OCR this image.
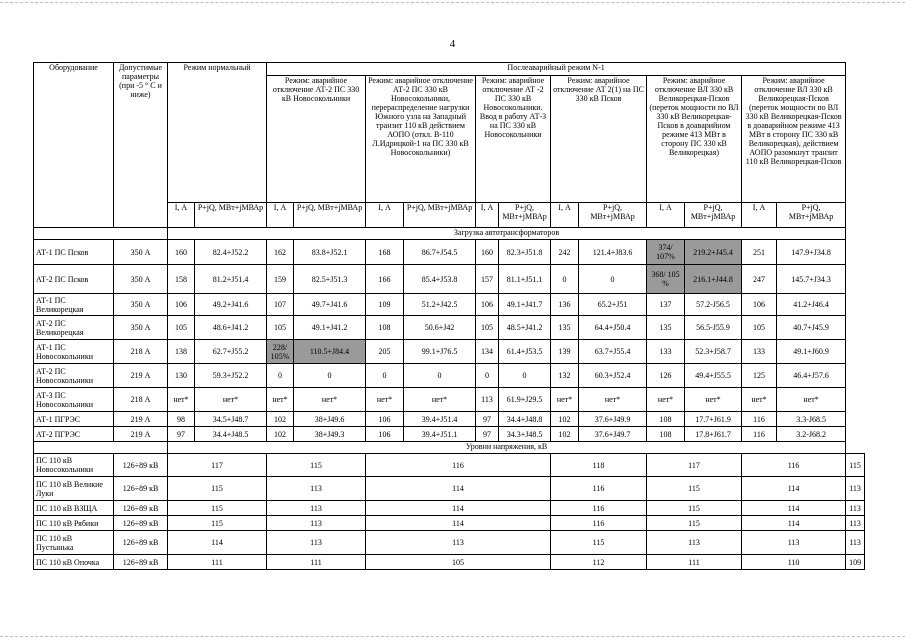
4
Оборудование	Допустимые параметры (при -5 ° С и ниже)	Режим нормальный		Послеаварийный режим N-1												
				Режим: аварийное отключение АТ-2 ПС 330 кВ Новосокольники		Режим: аварийное отключение АТ-2 ПС 330 кВ Новосокольники, перераспределение нагрузки Южного узла на Западный транзит 110 кВ действием АОПО (откл. В-110 Л.Идрицкой-1 на ПС 330 кВ Новосокольники)		Режим: аварийное отключение АТ -2 ПС 330 кВ Новосокольники. Ввод в работу АТ-3 на ПС 330 кВ Новосокольники		Режим: аварийное отключение АТ 2(1) на ПС 330 кВ Псков		Режим: аварийное отключение ВЛ 330 кВ Великорецкая-Псков (переток мощности по ВЛ 330 кВ Великорецкая-Псков в доаварийном режиме 413 МВт в сторону ПС 330 кВ Великорецкая)		Режим: аварийное отключение ВЛ 330 кВ Великорецкая-Псков (переток мощности по ВЛ 330 кВ Великорецкая-Псков в доаварийном режиме 413 МВт в сторону ПС 330 кВ Великорецкая), действием АОПО разомкнут транзит 110 кВ Великорецкая-Псков		
		I, А	P+jQ, МВт+jМВАр	I, А	P+jQ, МВт+jМВАр	I, А	P+jQ, МВт+jМВАр	I, А	P+jQ, МВт+jМВАр	I, А	P+jQ, МВт+jМВАр	I, А	P+jQ, МВт+jМВАр	I, А	P+jQ, МВт+jМВАр	
		Загрузка автотрансформаторов														
АТ-1 ПС Псков	350 А	160	82.4+J52.2	162	83.8+J52.1	168	86.7+J54.5	160	82.3+J51.8	242	121.4+J83.6	374/ 107%	219.2+J45.4	251	147.9+J34.8	
АТ-2 ПС Псков	350 А	158	81.2+J51.4	159	82.5+J51.3	166	85.4+J53.8	157	81.1+J51.1	0	0	368/ 105 %	216.1+J44.8	247	145.7+J34.3	
АТ-1 ПС Великорецкая	350 А	106	49.2+J41.6	107	49.7+J41.6	109	51.2+J42.5	106	49.1+J41.7	136	65.2+J51	137	57.2-J56.5	106	41.2+J46.4	
АТ-2 ПС Великорецкая	350 А	105	48.6+J41.2	105	49.1+J41.2	108	50.6+J42	105	48.5+J41.2	135	64.4+J50.4	135	56.5-J55.9	105	40.7+J45.9	
АТ-1 ПС Новосокольники	218 А	138	62.7+J55.2	228/ 105%	110.5+J84.4	205	99.1+J76.5	134	61.4+J53.5	139	63.7+J55.4	133	52.3+J58.7	133	49.1+J60.9	
АТ-2 ПС Новосокольники	219 А	130	59.3+J52.2	0	0	0	0	0	0	132	60.3+J52.4	126	49.4+J55.5	125	46.4+J57.6	
АТ-3 ПС Новосокольники	218 А	нет*	нет*	нет*	нет*	нет*	нет*	113	61.9+J29.5	нет*	нет*	нет*	нет*	нет*	нет*	
АТ-1 ПГРЭС	219 А	98	34.5+J48.7	102	38+J49.6	106	39.4+J51.4	97	34.4+J48.8	102	37.6+J49.9	108	17.7+J61.9	116	3.3-J68.5	
АТ-2 ПГРЭС	219 А	97	34.4+J48.5	102	38+J49.3	106	39.4+J51.1	97	34.3+J48.5	102	37.6+J49.7	108	17.8+J61.7	116	3.2-J68.2	
		Уровни напряжения, кВ														
ПС 110 кВ Новосокольники	126÷89 кВ	117		115		116				118		117		116		115
ПС 110 кВ Великие Луки	126÷89 кВ	115		113		114				116		115		114		113
ПС 110 кВ ВЗЩА	126÷89 кВ	115		113		114				116		115		114		113
ПС 110 кВ Рябики	126÷89 кВ	115		113		114				116		115		114		113
ПС 110 кВ Пустынька	126÷89 кВ	114		113		113				115		113		113		113
ПС 110 кВ Опочка	126÷89 кВ	111		111		105				112		111		110		109
